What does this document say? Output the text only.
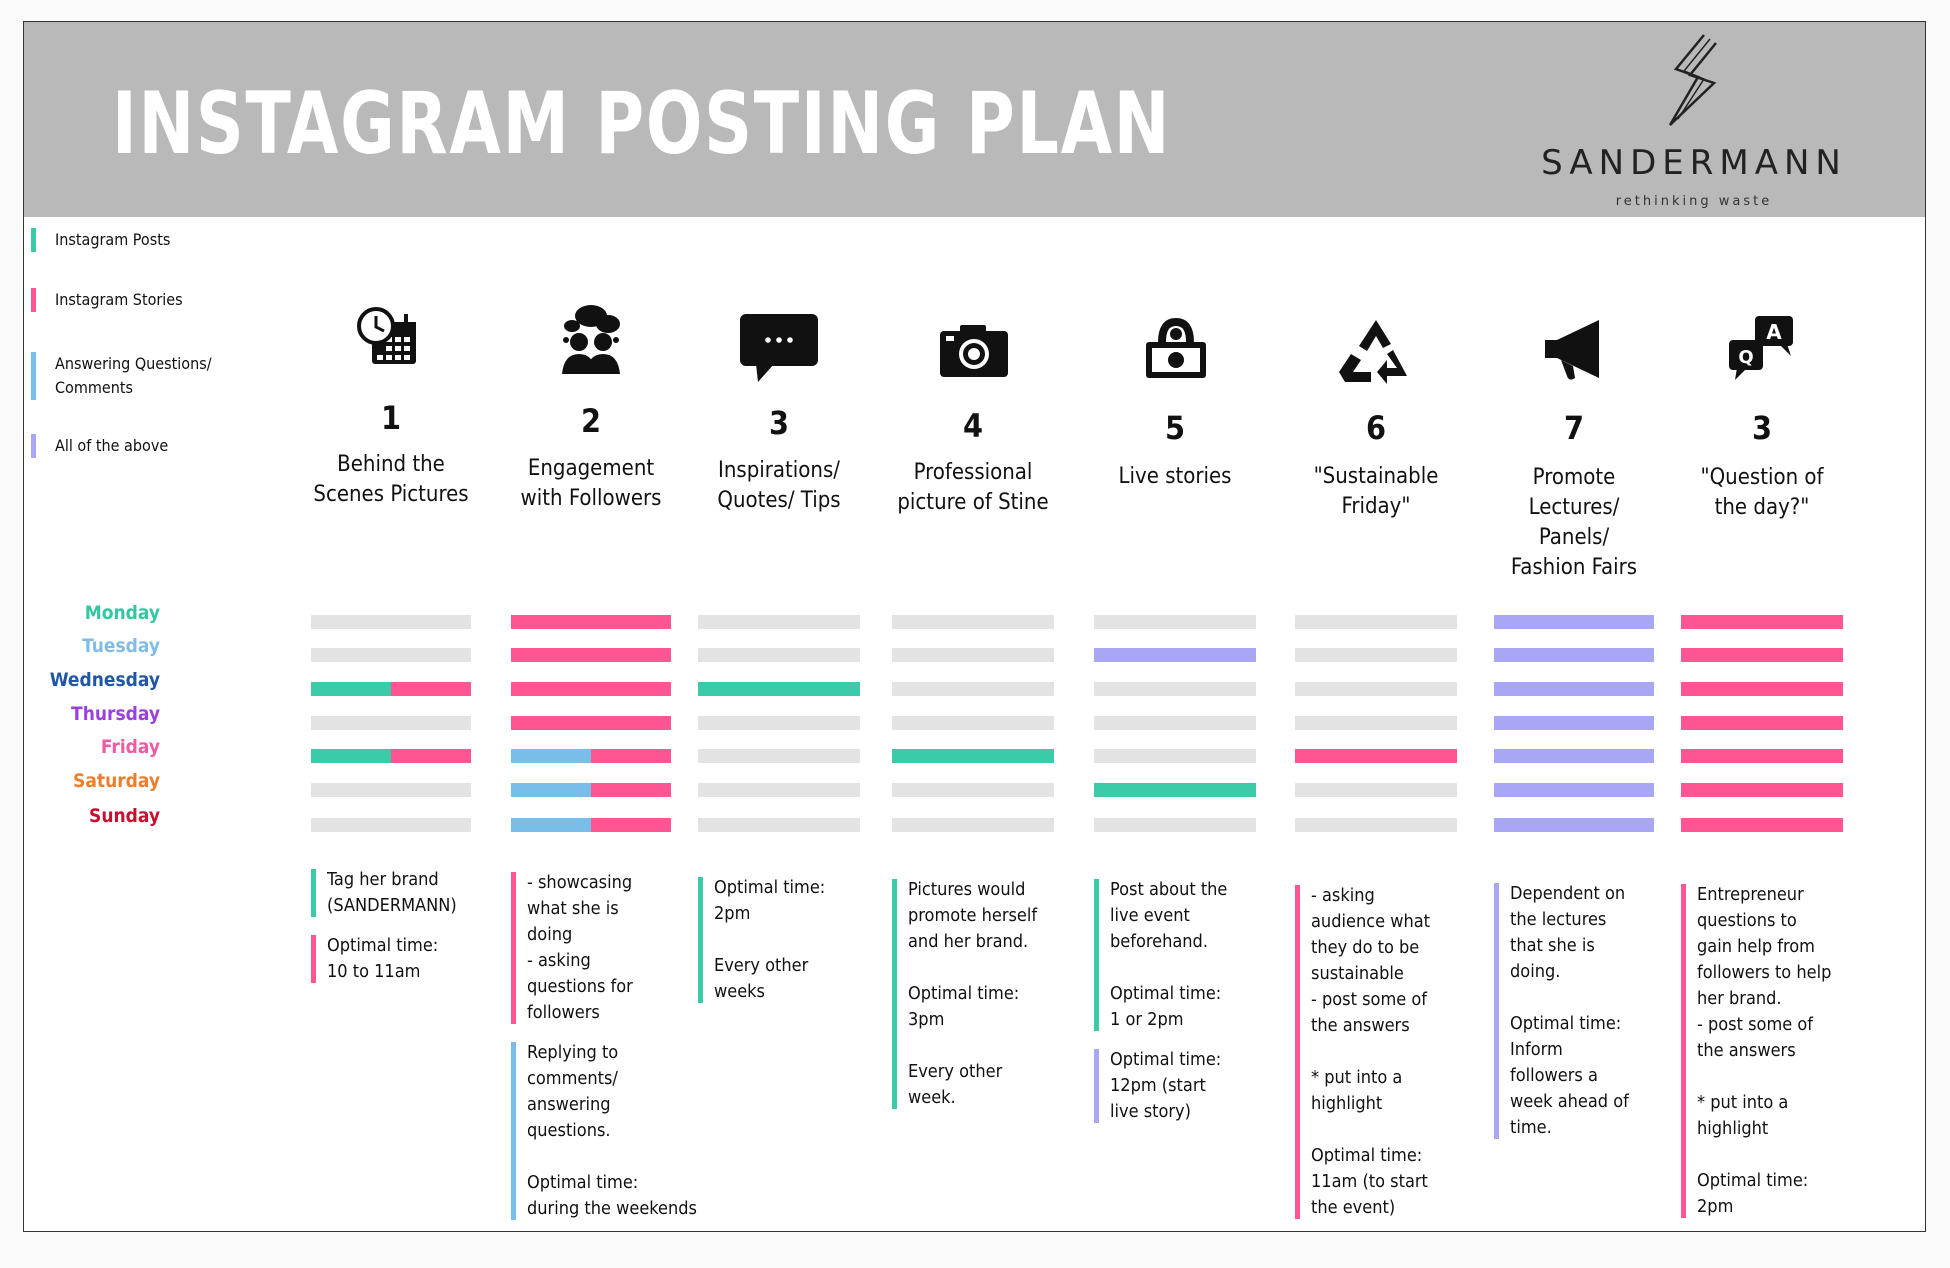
INSTAGRAM POSTING PLAN	SANDERMANN
rethinking waste
Instagram Posts
Instagram Stories
Answering Questions/
Comments
All of the above
1
Behind the
Scenes Pictures
2
Engagement
with Followers
3
Inspirations/
Quotes/ Tips
4
Professional
picture of Stine
5
Live stories
6
"Sustainable
Friday"
7
Promote
Lectures/
Panels/
Fashion Fairs
A
Q
3
"Question of
the day?"
Monday
Tuesday
Wednesday
Thursday
Friday
Saturday
Sunday
Tag her brand
(SANDERMANN)
Optimal time:
10 to 11am
- showcasing
what she is
doing
- asking
questions for
followers
Replying to
comments/
answering
questions.

Optimal time:
during the weekends
Optimal time:
2pm

Every other
weeks
Pictures would
promote herself
and her brand.

Optimal time:
3pm

Every other
week.
Post about the
live event
beforehand.

Optimal time:
1 or 2pm
Optimal time:
12pm (start
live story)
- asking
audience what
they do to be
sustainable
- post some of
the answers

* put into a
highlight

Optimal time:
11am (to start
the event)
Dependent on
the lectures
that she is
doing.

Optimal time:
Inform
followers a
week ahead of
time.
Entrepreneur
questions to
gain help from
followers to help
her brand.
- post some of
the answers

* put into a
highlight

Optimal time:
2pm
